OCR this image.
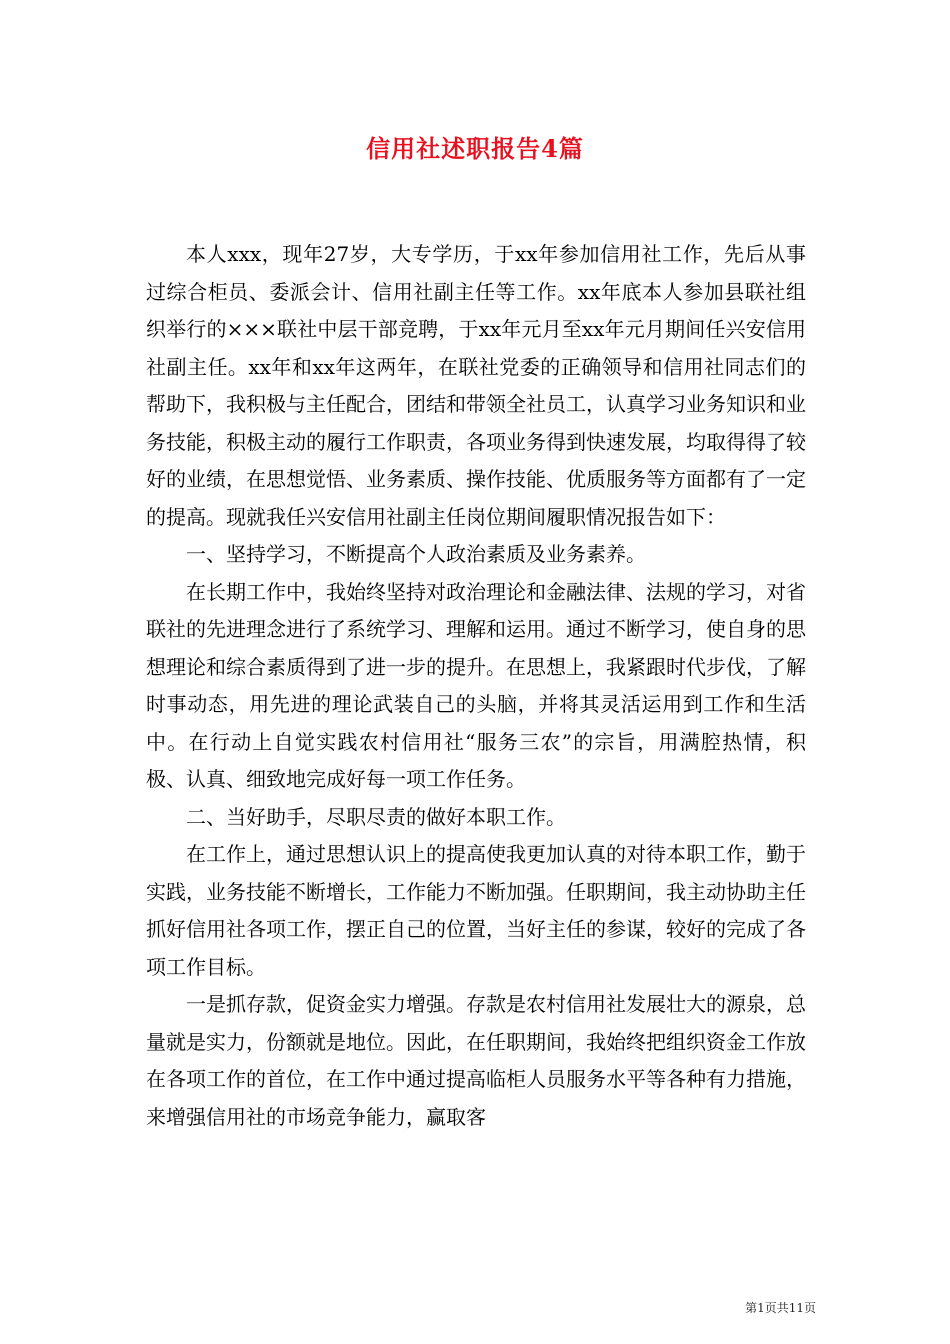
信用社述职报告4篇

本人xxx，现年27岁，大专学历，于xx年参加信用社工作，先后从事过综合柜员、委派会计、信用社副主任等工作。xx年底本人参加县联社组织举行的×××联社中层干部竞聘，于xx年元月至xx年元月期间任兴安信用社副主任。xx年和xx年这两年，在联社党委的正确领导和信用社同志们的帮助下，我积极与主任配合，团结和带领全社员工，认真学习业务知识和业务技能，积极主动的履行工作职责，各项业务得到快速发展，均取得得了较好的业绩，在思想觉悟、业务素质、操作技能、优质服务等方面都有了一定的提高。现就我任兴安信用社副主任岗位期间履职情况报告如下：

一、坚持学习，不断提高个人政治素质及业务素养。

在长期工作中，我始终坚持对政治理论和金融法律、法规的学习，对省联社的先进理念进行了系统学习、理解和运用。通过不断学习，使自身的思想理论和综合素质得到了进一步的提升。在思想上，我紧跟时代步伐，了解时事动态，用先进的理论武装自己的头脑，并将其灵活运用到工作和生活中。在行动上自觉实践农村信用社“服务三农”的宗旨，用满腔热情，积极、认真、细致地完成好每一项工作任务。

二、当好助手，尽职尽责的做好本职工作。

在工作上，通过思想认识上的提高使我更加认真的对待本职工作，勤于实践，业务技能不断增长，工作能力不断加强。任职期间，我主动协助主任抓好信用社各项工作，摆正自己的位置，当好主任的参谋，较好的完成了各项工作目标。

一是抓存款，促资金实力增强。存款是农村信用社发展壮大的源泉，总量就是实力，份额就是地位。因此，在任职期间，我始终把组织资金工作放在各项工作的首位，在工作中通过提高临柜人员服务水平等各种有力措施，来增强信用社的市场竞争能力，赢取客

第1页共11页
